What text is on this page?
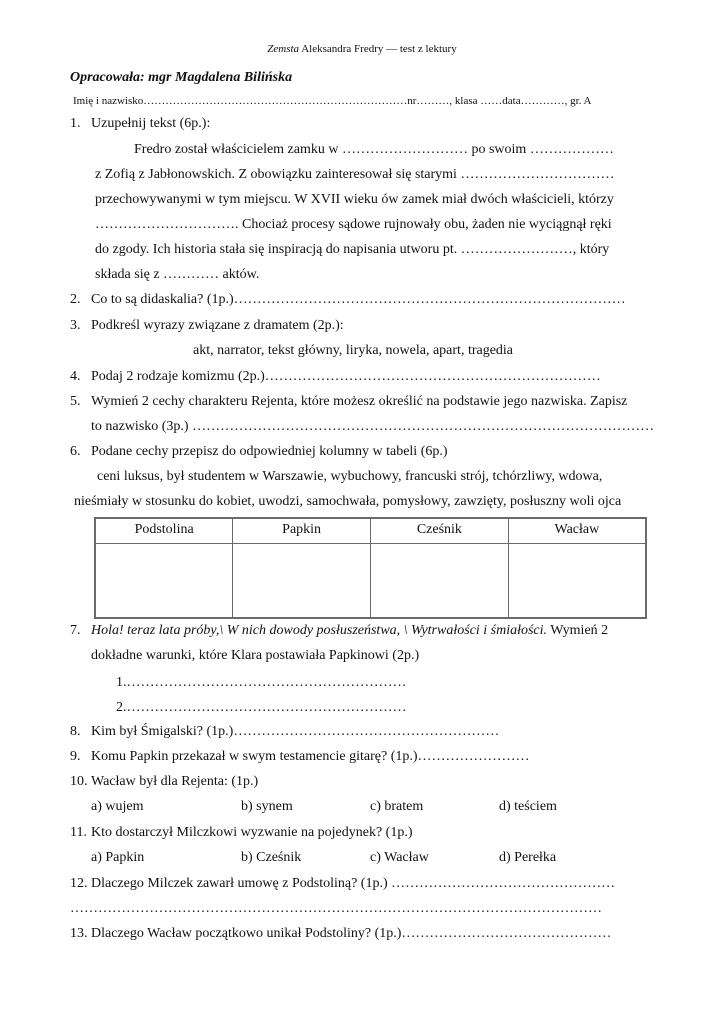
Zemsta Aleksandra Fredry — test z lektury
Opracowała: mgr Magdalena Bilińska
Imię i nazwisko………………………………………………………………nr………, klasa ……data…………, gr. A
1. Uzupełnij tekst (6p.):
Fredro został właścicielem zamku w ……………………… po swoim ………………
z Zofią z Jabłonowskich. Z obowiązku zainteresował się starymi ……………………………
przechowywanymi w tym miejscu. W XVII wieku ów zamek miał dwóch właścicieli, którzy
…………………………. Chociaż procesy sądowe rujnowały obu, żaden nie wyciągnął ręki
do zgody. Ich historia stała się inspiracją do napisania utworu pt. ……………………, który
składa się z ………… aktów.
2. Co to są didaskalia? (1p.)…………………………………………………………………………
3. Podkreśl wyrazy związane z dramatem (2p.):
akt, narrator, tekst główny, liryka, nowela, apart, tragedia
4. Podaj 2 rodzaje komizmu (2p.)………………………………………………………………
5. Wymień 2 cechy charakteru Rejenta, które możesz określić na podstawie jego nazwiska. Zapisz
to nazwisko (3p.) ………………………………………………………………………………………
6. Podane cechy przepisz do odpowiedniej kolumny w tabeli (6p.)
ceni luksus, był studentem w Warszawie, wybuchowy, francuski strój, tchórzliwy, wdowa,
nieśmiały w stosunku do kobiet, uwodzi, samochwała, pomysłowy, zawzięty, posłuszny woli ojca
Podstolina	Papkin	Cześnik	Wacław

7. Hola! teraz lata próby,\ W nich dowody posłuszeństwa, \ Wytrwałości i śmiałości. Wymień 2
dokładne warunki, które Klara postawiała Papkinowi (2p.)
1.……………………………………………………
2.……………………………………………………
8. Kim był Śmigalski? (1p.)…………………………………………………
9. Komu Papkin przekazał w swym testamencie gitarę? (1p.)……………………
10. Wacław był dla Rejenta: (1p.)
a) wujem	b) synem	c) bratem	d) teściem
11. Kto dostarczył Milczkowi wyzwanie na pojedynek? (1p.)
a) Papkin	b) Cześnik	c) Wacław	d) Perełka
12. Dlaczego Milczek zawarł umowę z Podstoliną? (1p.) …………………………………………
……………………………………………………………………………………………………
13. Dlaczego Wacław początkowo unikał Podstoliny? (1p.)………………………………………
